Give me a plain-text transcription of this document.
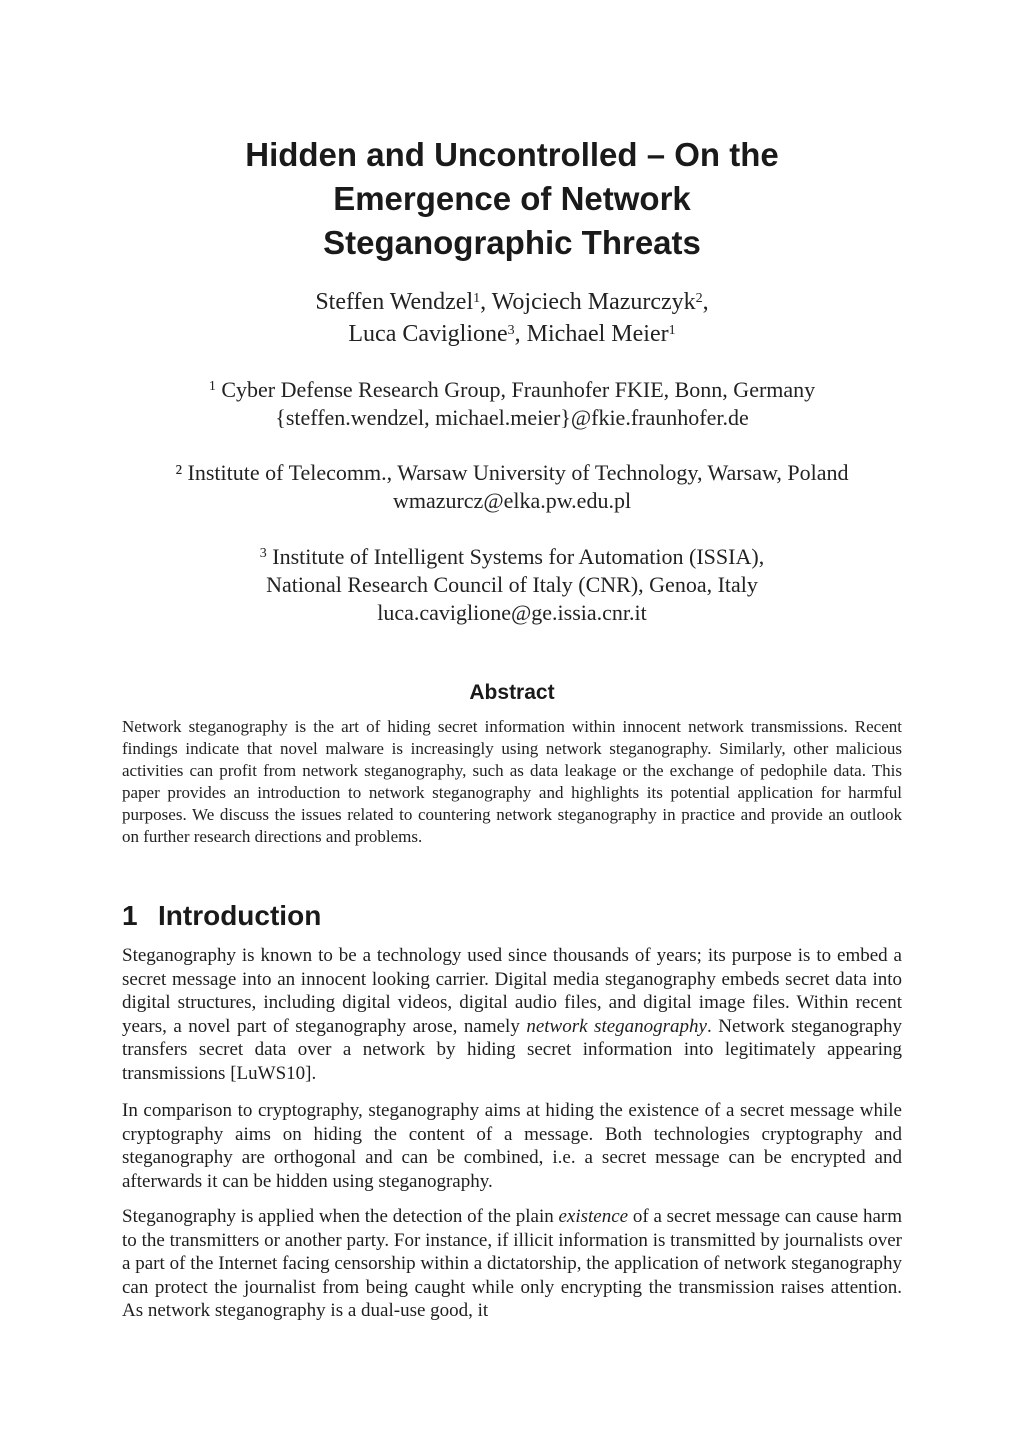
Hidden and Uncontrolled – On the
Emergence of Network
Steganographic Threats
Steffen Wendzel$^1$, Wojciech Mazurczyk$^2$,
Luca Caviglione$^3$, Michael Meier$^1$
$^1$ Cyber Defense Research Group, Fraunhofer FKIE, Bonn, Germany
{steffen.wendzel, michael.meier}@fkie.fraunhofer.de
² Institute of Telecomm., Warsaw University of Technology, Warsaw, Poland
wmazurcz@elka.pw.edu.pl
$^3$ Institute of Intelligent Systems for Automation (ISSIA),
National Research Council of Italy (CNR), Genoa, Italy
luca.caviglione@ge.issia.cnr.it
Abstract
Network steganography is the art of hiding secret information within innocent network transmissions. Recent findings indicate that novel malware is increasingly using network steganography. Similarly, other malicious activities can profit from network steganography, such as data leakage or the exchange of pedophile data. This paper provides an introduction to network steganography and highlights its potential application for harmful purposes. We discuss the issues related to countering network steganography in practice and provide an outlook on further research directions and problems.
1 Introduction

Steganography is known to be a technology used since thousands of years; its purpose is to embed a secret message into an innocent looking carrier. Digital media steganography embeds secret data into digital structures, including digital videos, digital audio files, and digital image files. Within recent years, a novel part of steganography arose, namely network steganography. Network steganography transfers secret data over a network by hiding secret information into legitimately appearing transmissions [LuWS10].

In comparison to cryptography, steganography aims at hiding the existence of a secret message while cryptography aims on hiding the content of a message. Both technologies cryptography and steganography are orthogonal and can be combined, i.e. a secret message can be encrypted and afterwards it can be hidden using steganography.

Steganography is applied when the detection of the plain existence of a secret message can cause harm to the transmitters or another party. For instance, if illicit information is transmitted by journalists over a part of the Internet facing censorship within a dictatorship, the application of network steganography can protect the journalist from being caught while only encrypting the transmission raises attention. As network steganography is a dual-use good, it
